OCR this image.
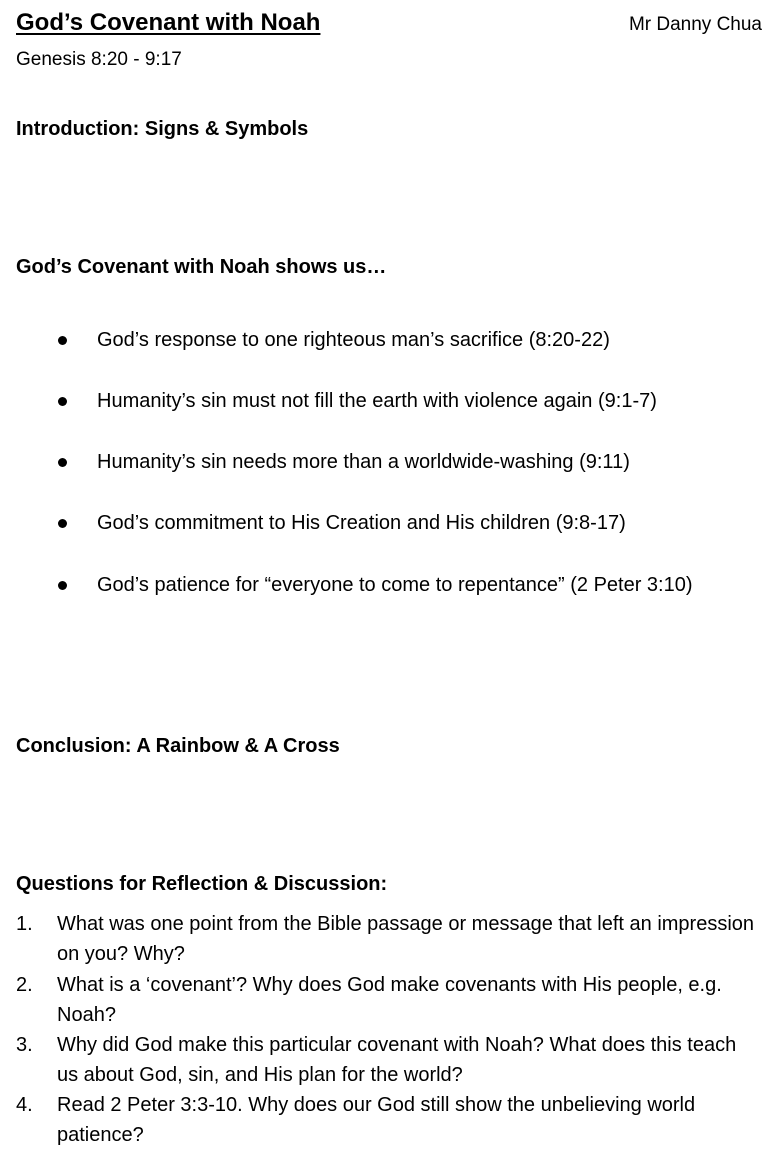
God’s Covenant with Noah	Mr Danny Chua
Genesis 8:20 - 9:17
Introduction: Signs & Symbols
God’s Covenant with Noah shows us…
God’s response to one righteous man’s sacrifice (8:20-22)
Humanity’s sin must not fill the earth with violence again (9:1-7)
Humanity’s sin needs more than a worldwide-washing (9:11)
God’s commitment to His Creation and His children (9:8-17)
God’s patience for “everyone to come to repentance” (2 Peter 3:10)
Conclusion: A Rainbow & A Cross
Questions for Reflection & Discussion:
1. What was one point from the Bible passage or message that left an impression on you? Why?
2. What is a ‘covenant’? Why does God make covenants with His people, e.g. Noah?
3. Why did God make this particular covenant with Noah? What does this teach us about God, sin, and His plan for the world?
4. Read 2 Peter 3:3-10. Why does our God still show the unbelieving world patience?
